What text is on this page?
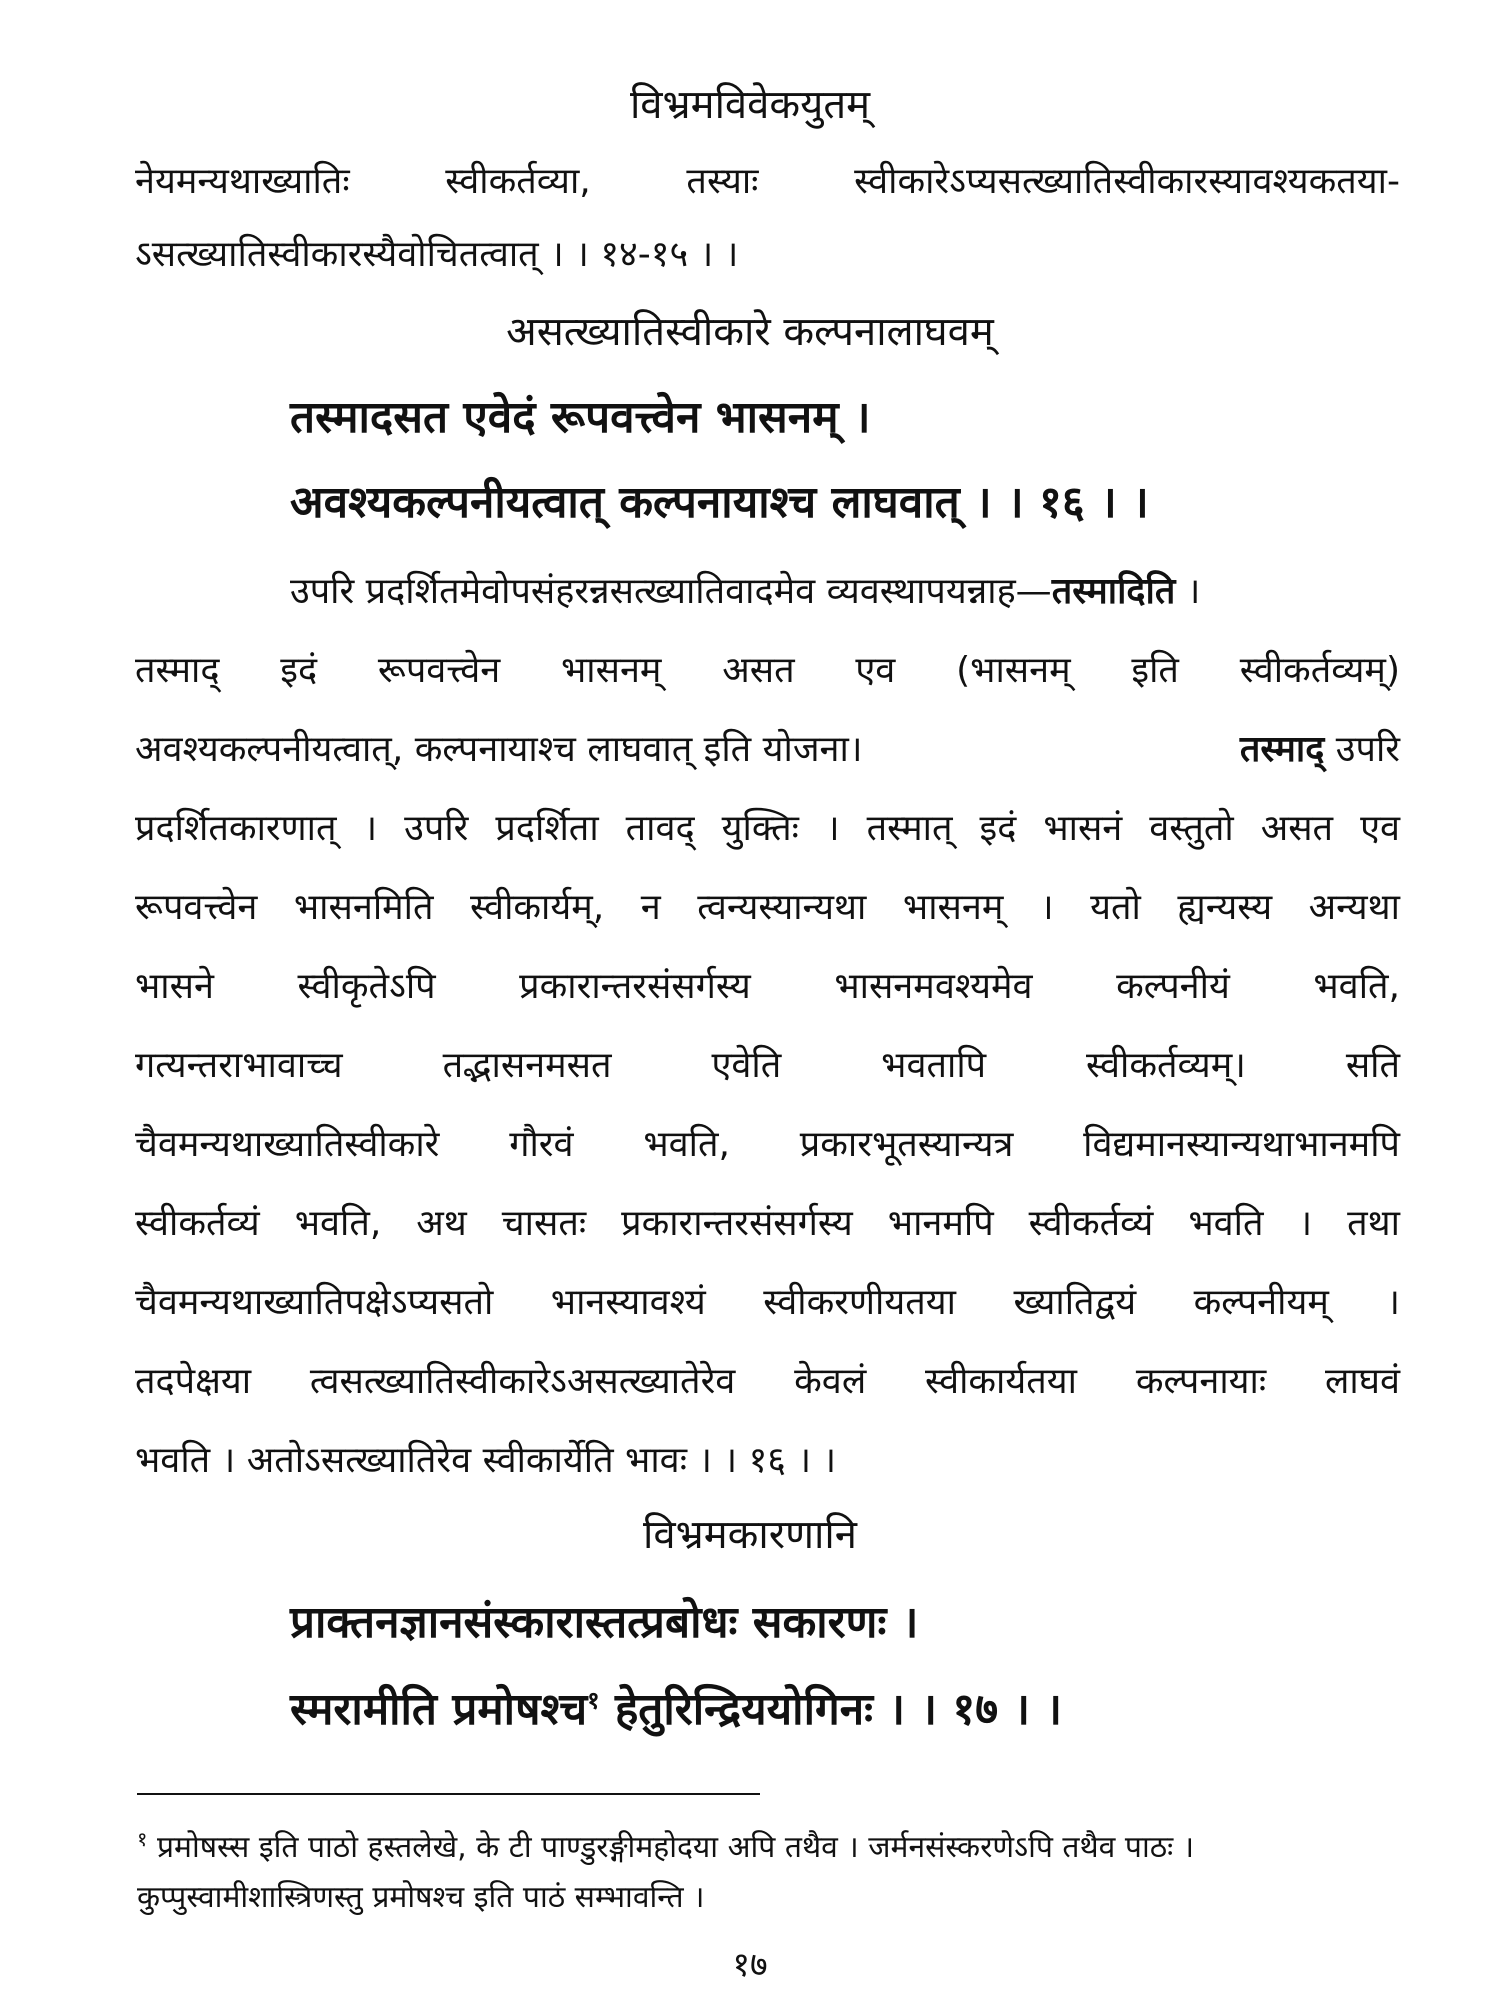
विभ्रमविवेकयुतम्
नेयमन्यथाख्यातिः स्वीकर्तव्या, तस्याः स्वीकारेऽप्यसत्ख्यातिस्वीकारस्यावश्यकतया-
ऽसत्ख्यातिस्वीकारस्यैवोचितत्वात् । । १४-१५ । ।
असत्ख्यातिस्वीकारे कल्पनालाघवम्
तस्मादसत एवेदं रूपवत्त्वेन भासनम् ।
अवश्यकल्पनीयत्वात् कल्पनायाश्च लाघवात् । । १६ । ।
उपरि प्रदर्शितमेवोपसंहरन्नसत्ख्यातिवादमेव व्यवस्थापयन्नाह—तस्मादिति ।
तस्माद् इदं रूपवत्त्वेन भासनम् असत एव (भासनम् इति स्वीकर्तव्यम्)
अवश्यकल्पनीयत्वात्, कल्पनायाश्च लाघवात् इति योजना।	तस्माद् उपरि
प्रदर्शितकारणात् । उपरि प्रदर्शिता तावद् युक्तिः । तस्मात् इदं भासनं वस्तुतो असत एव
रूपवत्त्वेन भासनमिति स्वीकार्यम्, न त्वन्यस्यान्यथा भासनम् । यतो ह्यन्यस्य अन्यथा
भासने स्वीकृतेऽपि प्रकारान्तरसंसर्गस्य भासनमवश्यमेव कल्पनीयं भवति,
गत्यन्तराभावाच्च तद्भासनमसत एवेति भवतापि स्वीकर्तव्यम्। सति
चैवमन्यथाख्यातिस्वीकारे गौरवं भवति, प्रकारभूतस्यान्यत्र विद्यमानस्यान्यथाभानमपि
स्वीकर्तव्यं भवति, अथ चासतः प्रकारान्तरसंसर्गस्य भानमपि स्वीकर्तव्यं भवति । तथा
चैवमन्यथाख्यातिपक्षेऽप्यसतो भानस्यावश्यं स्वीकरणीयतया ख्यातिद्वयं कल्पनीयम् ।
तदपेक्षया त्वसत्ख्यातिस्वीकारेऽअसत्ख्यातेरेव केवलं स्वीकार्यतया कल्पनायाः लाघवं
भवति । अतोऽसत्ख्यातिरेव स्वीकार्येति भावः । । १६ । ।
विभ्रमकारणानि
प्राक्तनज्ञानसंस्कारास्तत्प्रबोधः सकारणः ।
स्मरामीति प्रमोषश्च$^१$ हेतुरिन्द्रिययोगिनः । । १७ । ।
$^१$ प्रमोषस्स इति पाठो हस्तलेखे, के टी पाण्डुरङ्गीमहोदया अपि तथैव । जर्मनसंस्करणेऽपि तथैव पाठः ।
कुप्पुस्वामीशास्त्रिणस्तु प्रमोषश्च इति पाठं सम्भावन्ति ।
१७
